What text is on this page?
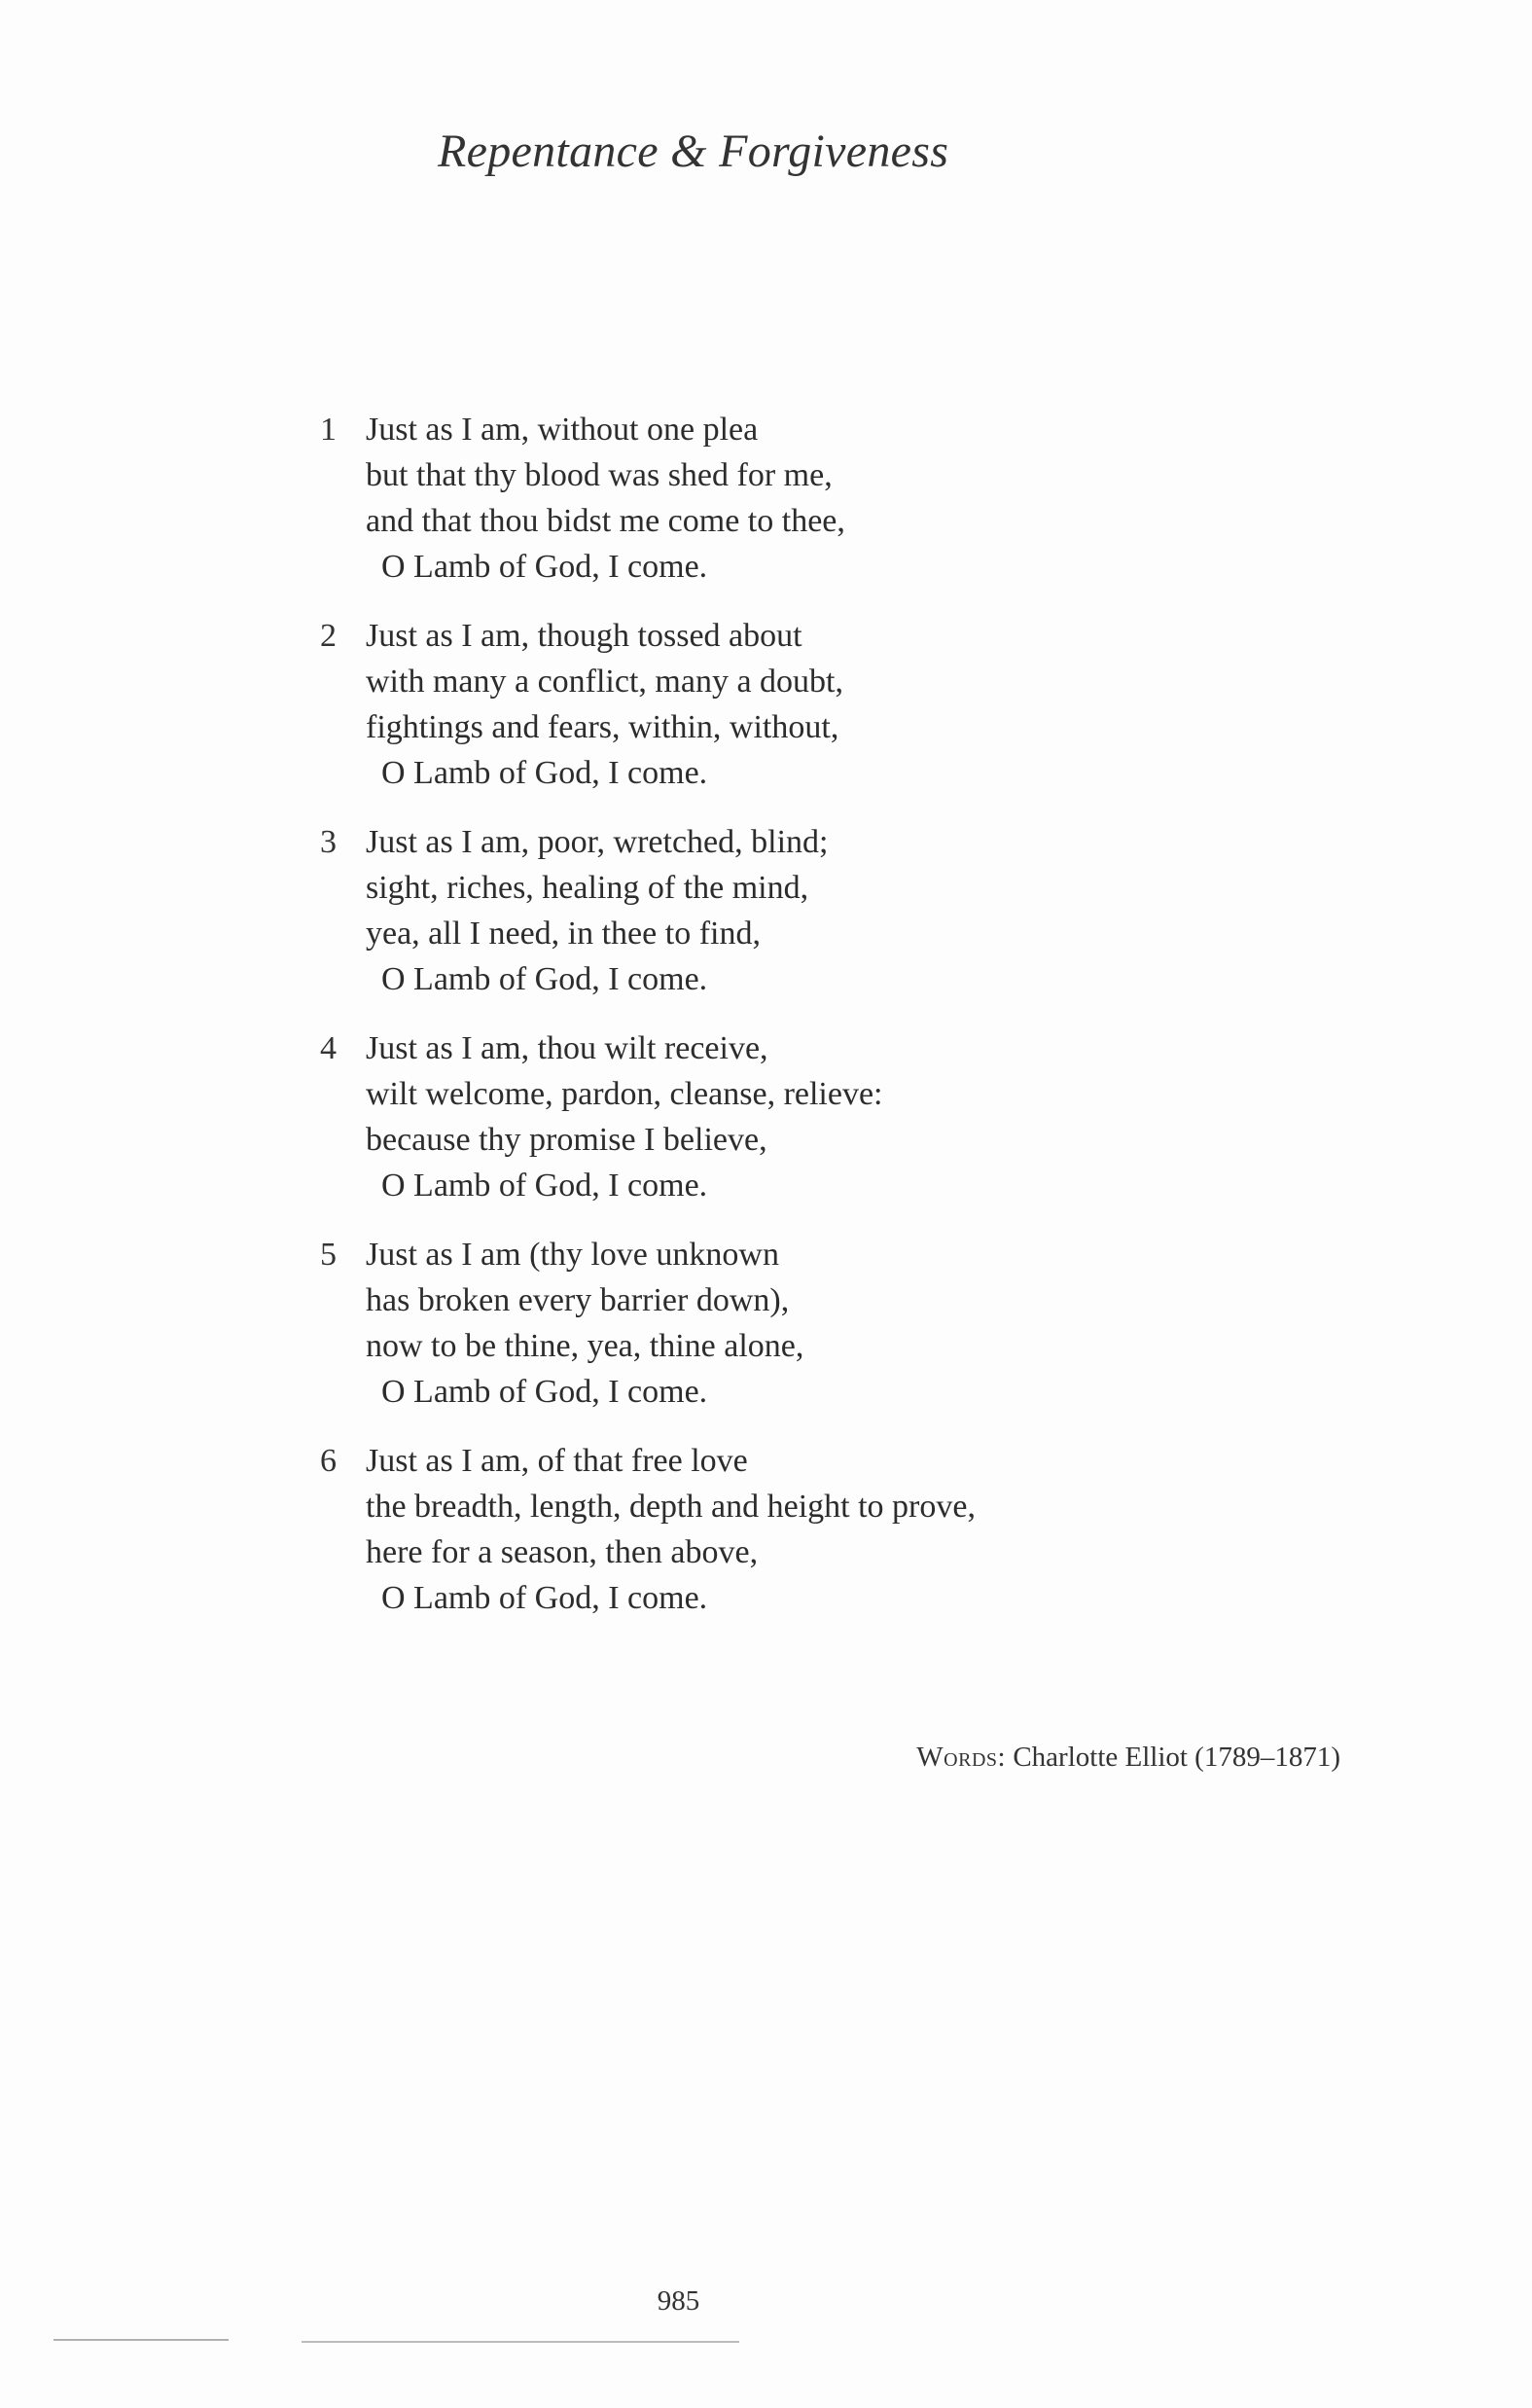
Repentance & Forgiveness
1 Just as I am, without one plea
but that thy blood was shed for me,
and that thou bidst me come to thee,
O Lamb of God, I come.
2 Just as I am, though tossed about
with many a conflict, many a doubt,
fightings and fears, within, without,
O Lamb of God, I come.
3 Just as I am, poor, wretched, blind;
sight, riches, healing of the mind,
yea, all I need, in thee to find,
O Lamb of God, I come.
4 Just as I am, thou wilt receive,
wilt welcome, pardon, cleanse, relieve:
because thy promise I believe,
O Lamb of God, I come.
5 Just as I am (thy love unknown
has broken every barrier down),
now to be thine, yea, thine alone,
O Lamb of God, I come.
6 Just as I am, of that free love
the breadth, length, depth and height to prove,
here for a season, then above,
O Lamb of God, I come.
Words: Charlotte Elliot (1789–1871)
985
